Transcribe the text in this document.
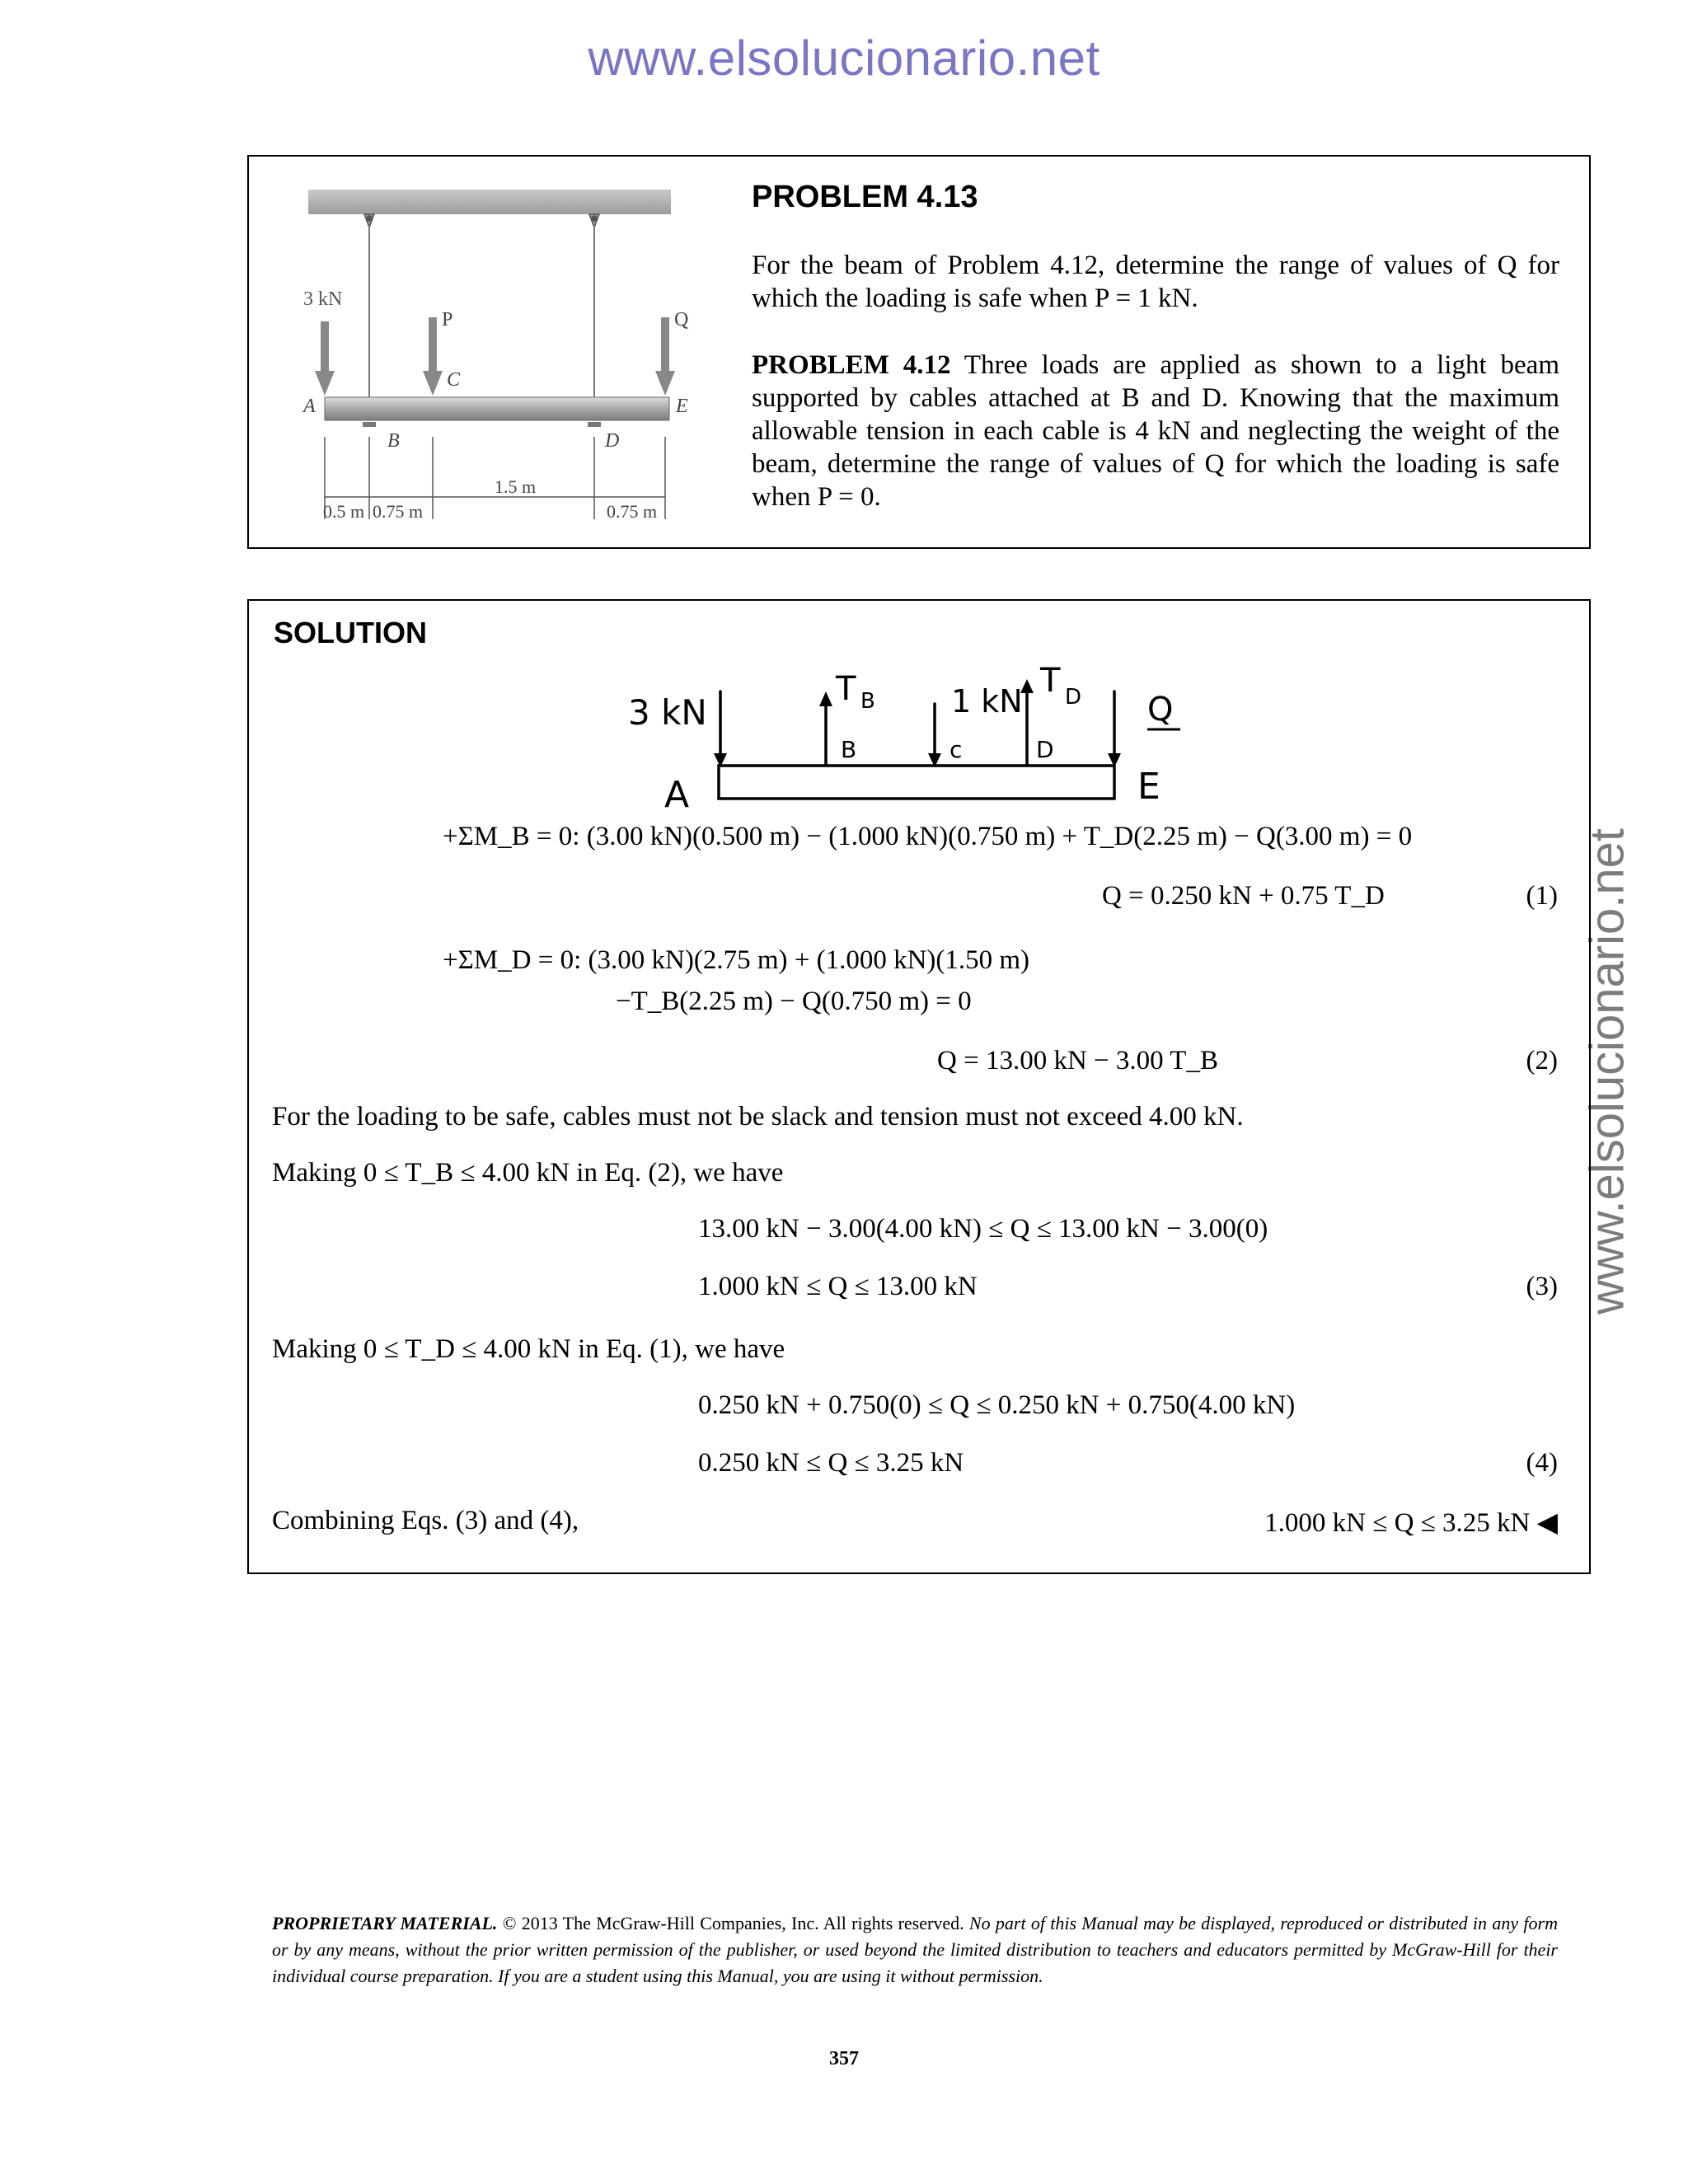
www.elsolucionario.net
www.elsolucionario.net
3 kN
P	Q
A
B
C
D
E
0.5 m 0.75 m
1.5 m
0.75 m
PROBLEM 4.13
For the beam of Problem 4.12, determine the range of values of Q for which the loading is safe when P = 1 kN.
PROBLEM 4.12 Three loads are applied as shown to a light beam supported by cables attached at B and D. Knowing that the maximum allowable tension in each cable is 4 kN and neglecting the weight of the beam, determine the range of values of Q for which the loading is safe when P = 0.
SOLUTION
3 kN
T B 1 kN
T D Q
A
B	c	D
E
+ΣM_B = 0: (3.00 kN)(0.500 m) − (1.000 kN)(0.750 m) + T_D(2.25 m) − Q(3.00 m) = 0
Q = 0.250 kN + 0.75 T_D	(1)
+ΣM_D = 0: (3.00 kN)(2.75 m) + (1.000 kN)(1.50 m)
−T_B(2.25 m) − Q(0.750 m) = 0
Q = 13.00 kN − 3.00 T_B	(2)
For the loading to be safe, cables must not be slack and tension must not exceed 4.00 kN.
Making 0 ≤ T_B ≤ 4.00 kN in Eq. (2), we have
13.00 kN − 3.00(4.00 kN) ≤ Q ≤ 13.00 kN − 3.00(0)
1.000 kN ≤ Q ≤ 13.00 kN	(3)
Making 0 ≤ T_D ≤ 4.00 kN in Eq. (1), we have
0.250 kN + 0.750(0) ≤ Q ≤ 0.250 kN + 0.750(4.00 kN)
0.250 kN ≤ Q ≤ 3.25 kN	(4)
Combining Eqs. (3) and (4),	1.000 kN ≤ Q ≤ 3.25 kN ◀
PROPRIETARY MATERIAL. © 2013 The McGraw-Hill Companies, Inc. All rights reserved. No part of this Manual may be displayed, reproduced or distributed in any form or by any means, without the prior written permission of the publisher, or used beyond the limited distribution to teachers and educators permitted by McGraw-Hill for their individual course preparation. If you are a student using this Manual, you are using it without permission.
357
